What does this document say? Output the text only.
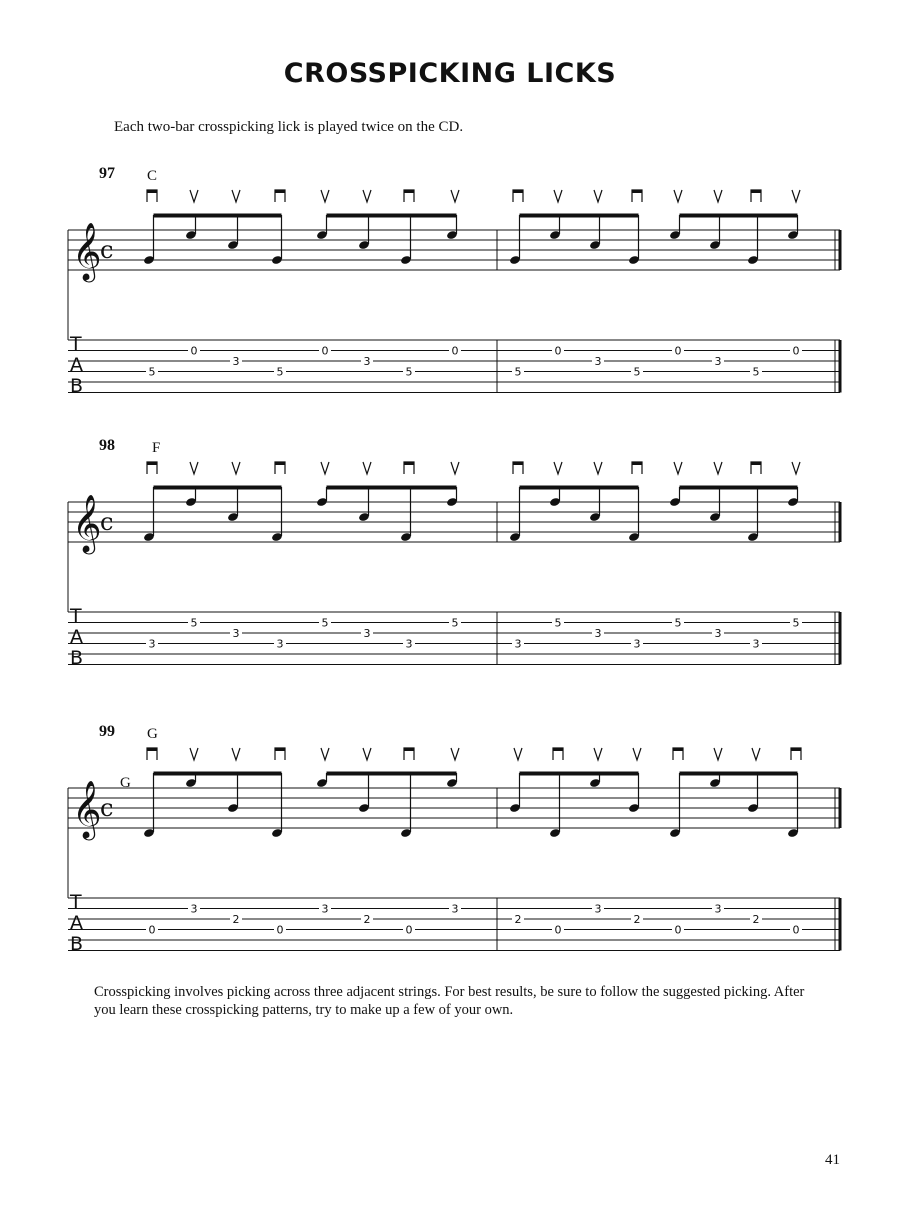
CROSSPICKING LICKS
Each two-bar crosspicking lick is played twice on the CD.
97 C
𝄞
c
T
A
B
5
0
3
5
0
3
5
0
5
0
3
5
0
3
5
0
98 F
𝄞
c
T
A
B
3
5
3
3
5
3
3
5
3
5
3
3
5
3
3
5
99 G
G
𝄞
c
T
A
B
0
3
2
0
3
2
0
3
2
0
3
2
0
3
2
0
Crosspicking involves picking across three adjacent strings. For best results, be sure to follow the suggested picking. After you learn these crosspicking patterns, try to make up a few of your own.
41
